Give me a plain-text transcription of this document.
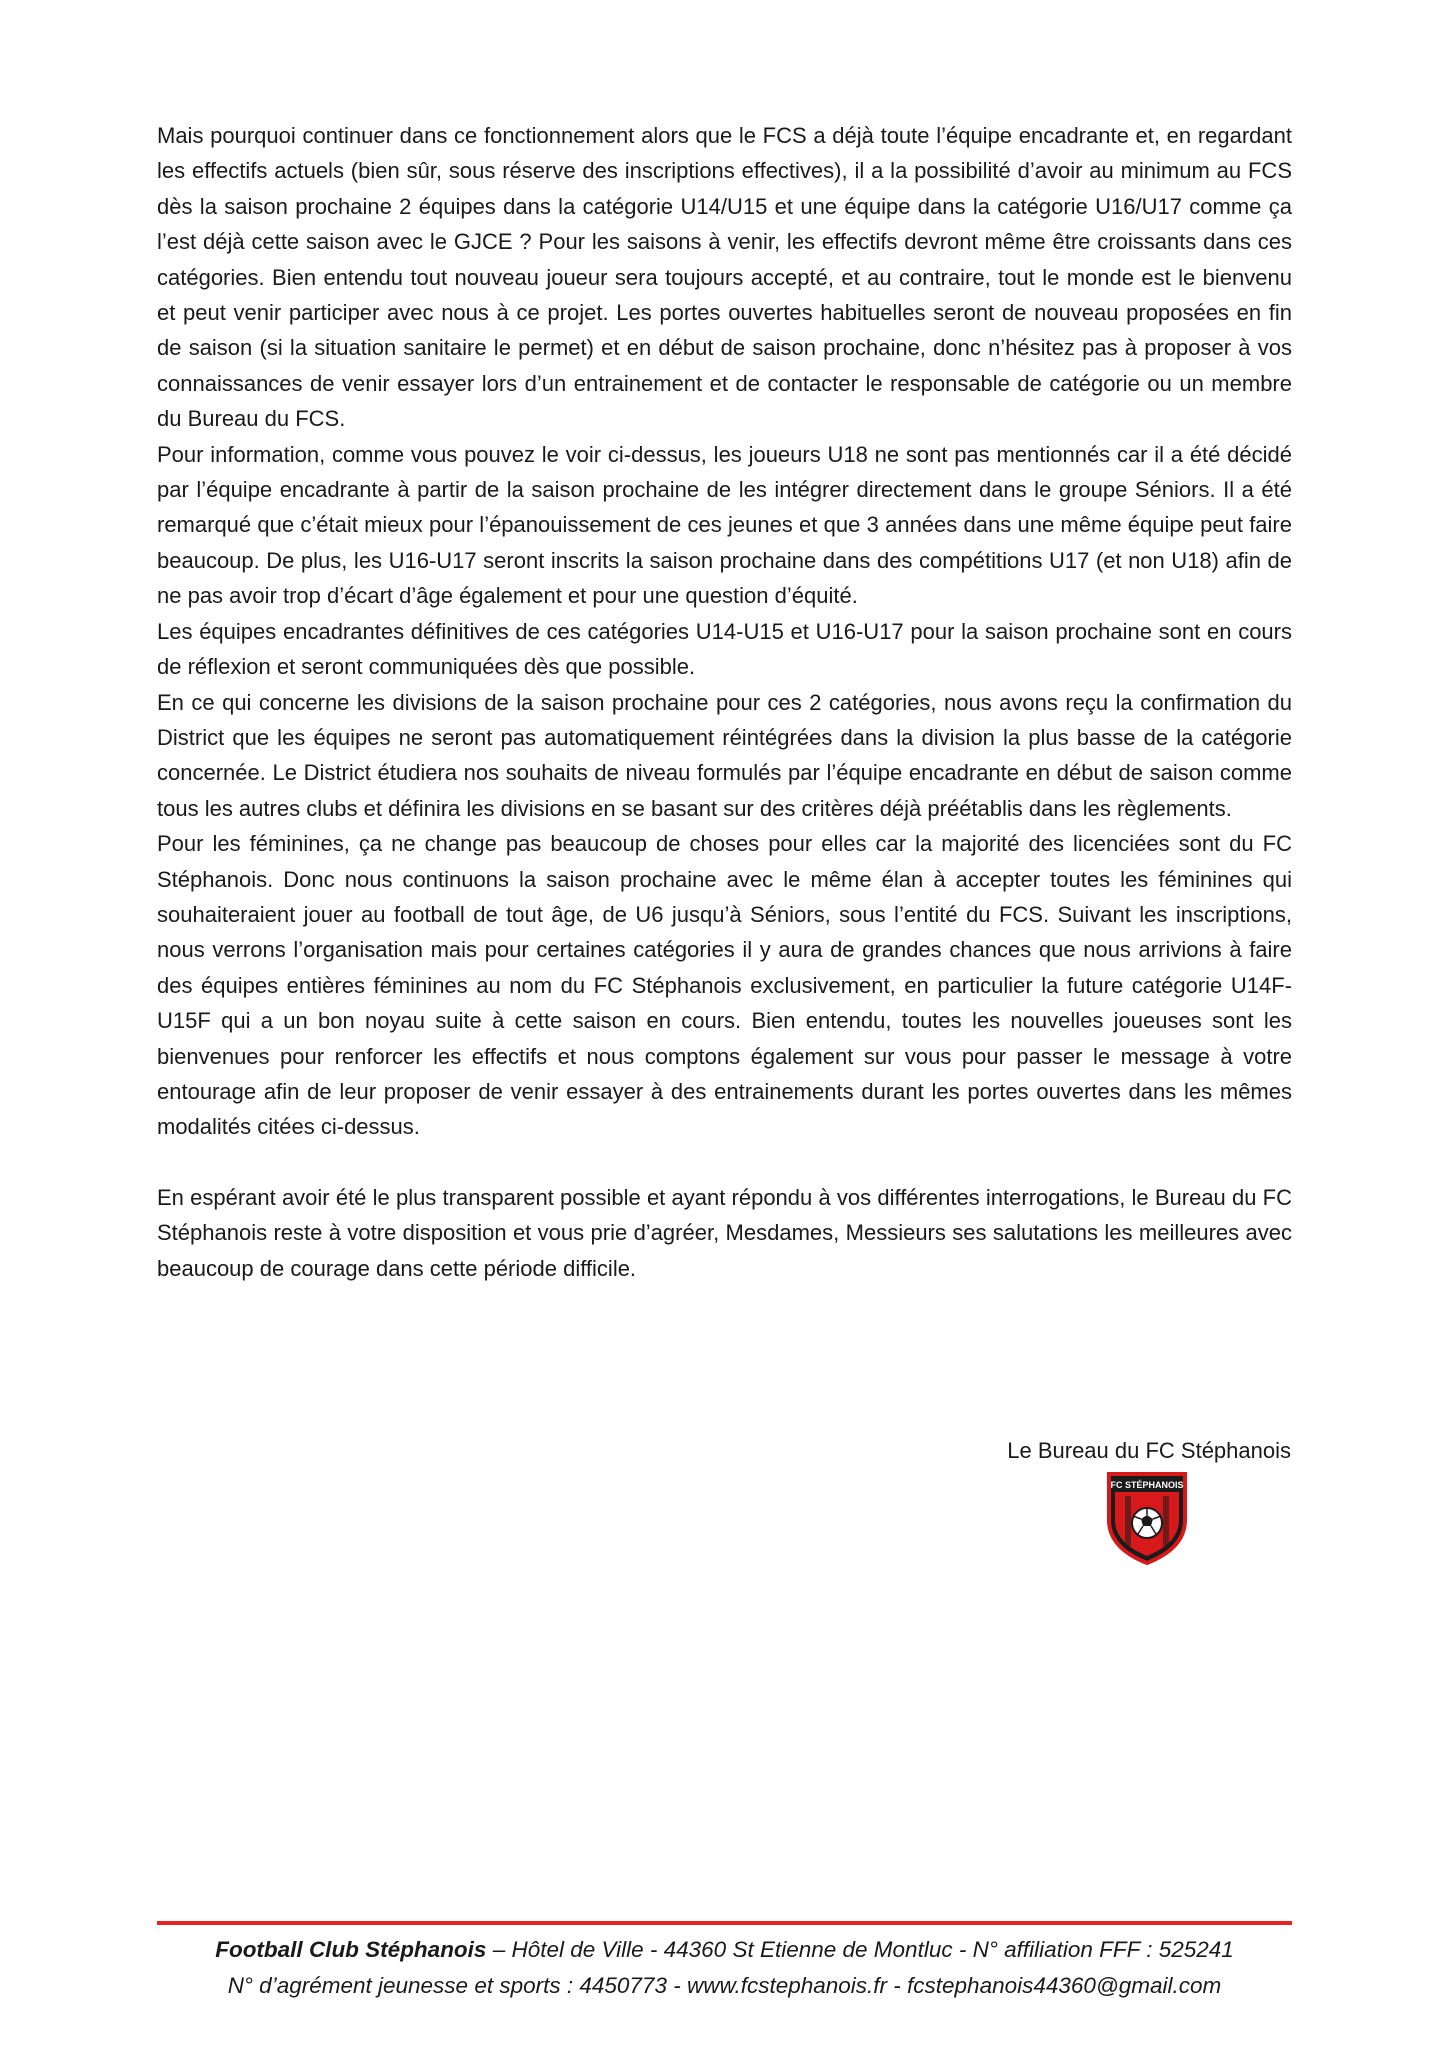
Mais pourquoi continuer dans ce fonctionnement alors que le FCS a déjà toute l’équipe encadrante et, en regardant les effectifs actuels (bien sûr, sous réserve des inscriptions effectives), il a la possibilité d’avoir au minimum au FCS dès la saison prochaine 2 équipes dans la catégorie U14/U15 et une équipe dans la catégorie U16/U17 comme ça l’est déjà cette saison avec le GJCE ? Pour les saisons à venir, les effectifs devront même être croissants dans ces catégories. Bien entendu tout nouveau joueur sera toujours accepté, et au contraire, tout le monde est le bienvenu et peut venir participer avec nous à ce projet. Les portes ouvertes habituelles seront de nouveau proposées en fin de saison (si la situation sanitaire le permet) et en début de saison prochaine, donc n’hésitez pas à proposer à vos connaissances de venir essayer lors d’un entrainement et de contacter le responsable de catégorie ou un membre du Bureau du FCS.

Pour information, comme vous pouvez le voir ci-dessus, les joueurs U18 ne sont pas mentionnés car il a été décidé par l’équipe encadrante à partir de la saison prochaine de les intégrer directement dans le groupe Séniors. Il a été remarqué que c’était mieux pour l’épanouissement de ces jeunes et que 3 années dans une même équipe peut faire beaucoup. De plus, les U16-U17 seront inscrits la saison prochaine dans des compétitions U17 (et non U18) afin de ne pas avoir trop d’écart d’âge également et pour une question d’équité.

Les équipes encadrantes définitives de ces catégories U14-U15 et U16-U17 pour la saison prochaine sont en cours de réflexion et seront communiquées dès que possible.

En ce qui concerne les divisions de la saison prochaine pour ces 2 catégories, nous avons reçu la confirmation du District que les équipes ne seront pas automatiquement réintégrées dans la division la plus basse de la catégorie concernée. Le District étudiera nos souhaits de niveau formulés par l’équipe encadrante en début de saison comme tous les autres clubs et définira les divisions en se basant sur des critères déjà préétablis dans les règlements.

Pour les féminines, ça ne change pas beaucoup de choses pour elles car la majorité des licenciées sont du FC Stéphanois. Donc nous continuons la saison prochaine avec le même élan à accepter toutes les féminines qui souhaiteraient jouer au football de tout âge, de U6 jusqu’à Séniors, sous l’entité du FCS. Suivant les inscriptions, nous verrons l’organisation mais pour certaines catégories il y aura de grandes chances que nous arrivions à faire des équipes entières féminines au nom du FC Stéphanois exclusivement, en particulier la future catégorie U14F-U15F qui a un bon noyau suite à cette saison en cours. Bien entendu, toutes les nouvelles joueuses sont les bienvenues pour renforcer les effectifs et nous comptons également sur vous pour passer le message à votre entourage afin de leur proposer de venir essayer à des entrainements durant les portes ouvertes dans les mêmes modalités citées ci-dessus.

En espérant avoir été le plus transparent possible et ayant répondu à vos différentes interrogations, le Bureau du FC Stéphanois reste à votre disposition et vous prie d’agréer, Mesdames, Messieurs ses salutations les meilleures avec beaucoup de courage dans cette période difficile.

Le Bureau du FC Stéphanois
FC STÉPHANOIS
Football Club Stéphanois – Hôtel de Ville - 44360 St Etienne de Montluc - N° affiliation FFF : 525241
N° d’agrément jeunesse et sports : 4450773 - www.fcstephanois.fr - fcstephanois44360@gmail.com
